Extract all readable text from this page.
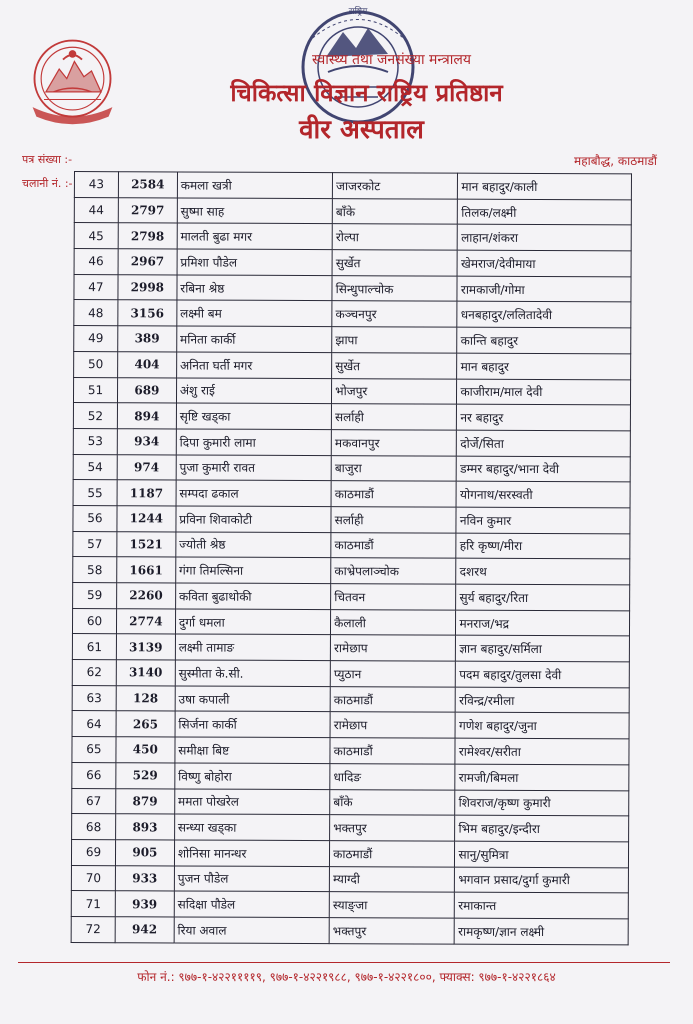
राष्ट्रिय
स्वास्थ्य तथा जनसंख्या मन्त्रालय
चिकित्सा विज्ञान राष्ट्रिय प्रतिष्ठान
वीर अस्पताल
पत्र संख्या :-	महाबौद्ध, काठमाडौं
चलानी नं. :- 43	2584	कमला खत्री	जाजरकोट	मान बहादुर/काली
44	2797	सुष्मा साह	बाँके	तिलक/लक्ष्मी
45	2798	मालती बुढा मगर	रोल्पा	लाहान/शंकरा
46	2967	प्रमिशा पौडेल	सुर्खेत	खेमराज/देवीमाया
47	2998	रबिना श्रेष्ठ	सिन्धुपाल्चोक	रामकाजी/गोमा
48	3156	लक्ष्मी बम	कञ्चनपुर	धनबहादुर/ललितादेवी
49	389	मनिता कार्की	झापा	कान्ति बहादुर
50	404	अनिता घर्ती मगर	सुर्खेत	मान बहादुर
51	689	अंशु राई	भोजपुर	काजीराम/माल देवी
52	894	सृष्टि खड्का	सर्लाही	नर बहादुर
53	934	दिपा कुमारी लामा	मकवानपुर	दोर्जे/सिता
54	974	पुजा कुमारी रावत	बाजुरा	डम्मर बहादुर/भाना देवी
55	1187	सम्पदा ढकाल	काठमाडौं	योगनाथ/सरस्वती
56	1244	प्रविना शिवाकोटी	सर्लाही	नविन कुमार
57	1521	ज्योती श्रेष्ठ	काठमाडौं	हरि कृष्ण/मीरा
58	1661	गंगा तिमल्सिना	काभ्रेपलाञ्चोक	दशरथ
59	2260	कविता बुढाथोकी	चितवन	सुर्य बहादुर/रिता
60	2774	दुर्गा धमला	कैलाली	मनराज/भद्र
61	3139	लक्ष्मी तामाङ	रामेछाप	ज्ञान बहादुर/सर्मिला
62	3140	सुस्मीता के.सी.	प्युठान	पदम बहादुर/तुलसा देवी
63	128	उषा कपाली	काठमाडौं	रविन्द्र/रमीला
64	265	सिर्जना कार्की	रामेछाप	गणेश बहादुर/जुना
65	450	समीक्षा बिष्ट	काठमाडौं	रामेश्वर/सरीता
66	529	विष्णु बोहोरा	धादिङ	रामजी/बिमला
67	879	ममता पोखरेल	बाँके	शिवराज/कृष्ण कुमारी
68	893	सन्ध्या खड्का	भक्तपुर	भिम बहादुर/इन्दीरा
69	905	शोनिसा मानन्धर	काठमाडौं	सानु/सुमित्रा
70	933	पुजन पौडेल	म्याग्दी	भगवान प्रसाद/दुर्गा कुमारी
71	939	सदिक्षा पौडेल	स्याङ्जा	रमाकान्त
72	942	रिया अवाल	भक्तपुर	रामकृष्ण/ज्ञान लक्ष्मी
फोन नं.: ९७७-१-४२२११११९, ९७७-१-४२२१९८८, ९७७-१-४२२१८००, फ्याक्स: ९७७-१-४२२१८६४
